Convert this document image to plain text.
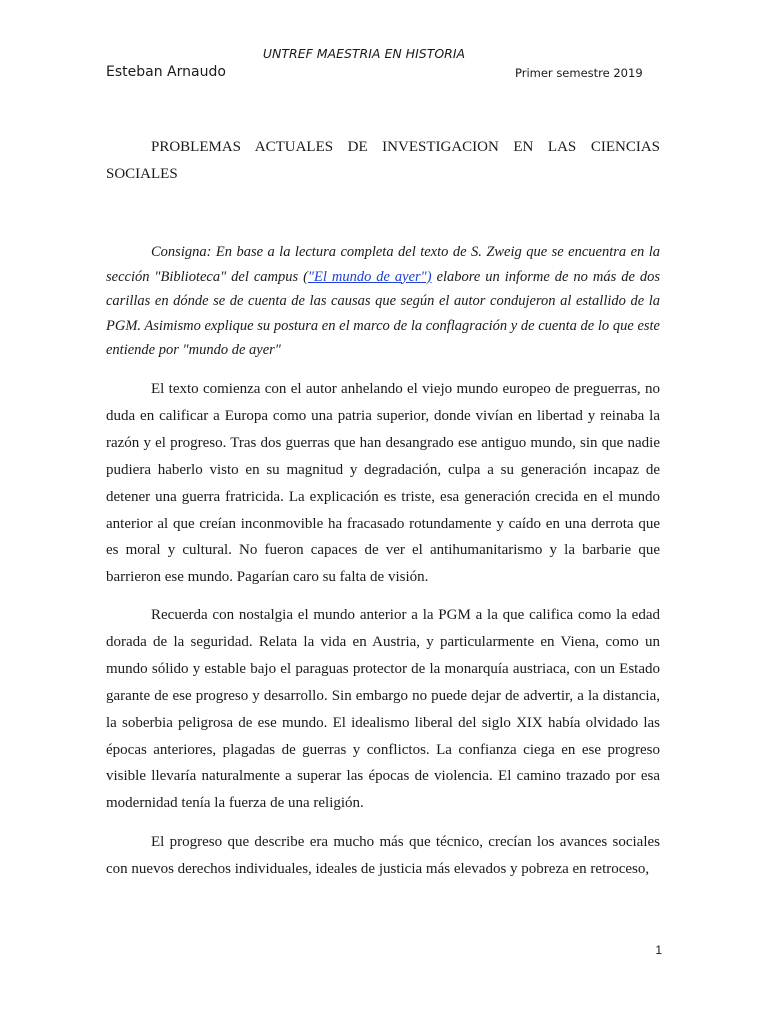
UNTREF MAESTRIA EN HISTORIA

Esteban Arnaudo	Primer semestre 2019

PROBLEMAS ACTUALES DE INVESTIGACION EN LAS CIENCIAS SOCIALES

Consigna: En base a la lectura completa del texto de S. Zweig que se encuentra en la sección "Biblioteca" del campus ("El mundo de ayer") elabore un informe de no más de dos carillas en dónde se de cuenta de las causas que según el autor condujeron al estallido de la PGM. Asimismo explique su postura en el marco de la conflagración y de cuenta de lo que este entiende por "mundo de ayer"

El texto comienza con el autor anhelando el viejo mundo europeo de preguerras, no duda en calificar a Europa como una patria superior, donde vivían en libertad y reinaba la razón y el progreso. Tras dos guerras que han desangrado ese antiguo mundo, sin que nadie pudiera haberlo visto en su magnitud y degradación, culpa a su generación incapaz de detener una guerra fratricida. La explicación es triste, esa generación crecida en el mundo anterior al que creían inconmovible ha fracasado rotundamente y caído en una derrota que es moral y cultural. No fueron capaces de ver el antihumanitarismo y la barbarie que barrieron ese mundo. Pagarían caro su falta de visión.

Recuerda con nostalgia el mundo anterior a la PGM a la que califica como la edad dorada de la seguridad. Relata la vida en Austria, y particularmente en Viena, como un mundo sólido y estable bajo el paraguas protector de la monarquía austriaca, con un Estado garante de ese progreso y desarrollo. Sin embargo no puede dejar de advertir, a la distancia, la soberbia peligrosa de ese mundo. El idealismo liberal del siglo XIX había olvidado las épocas anteriores, plagadas de guerras y conflictos. La confianza ciega en ese progreso visible llevaría naturalmente a superar las épocas de violencia. El camino trazado por esa modernidad tenía la fuerza de una religión.

El progreso que describe era mucho más que técnico, crecían los avances sociales con nuevos derechos individuales, ideales de justicia más elevados y pobreza en retroceso,

1
